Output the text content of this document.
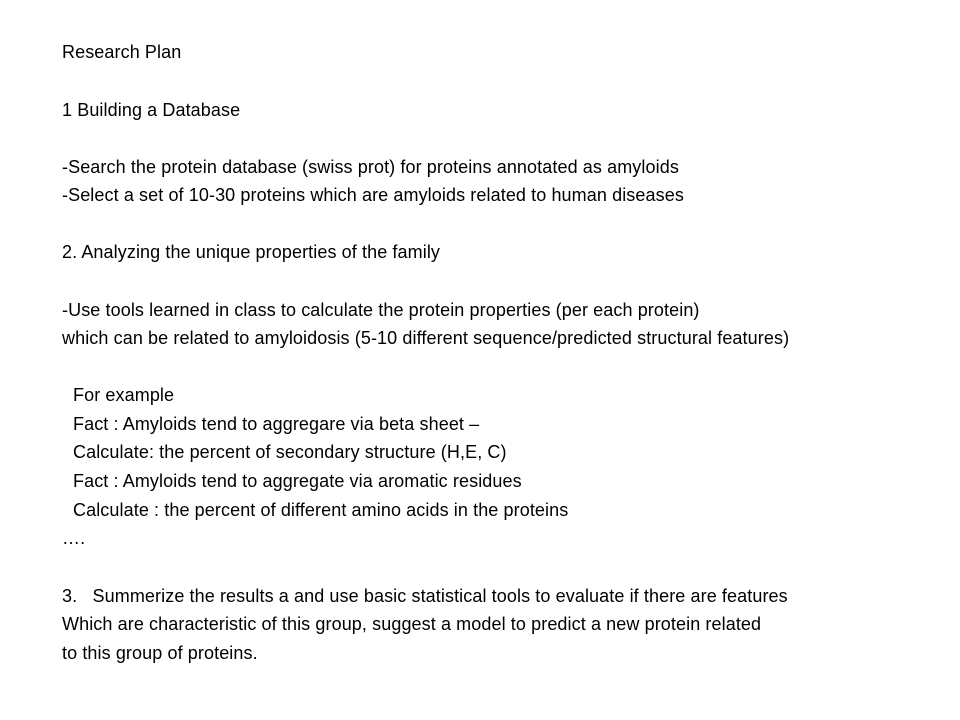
Research Plan
1 Building a Database
-Search the protein database (swiss prot) for proteins annotated as amyloids
-Select a set of 10-30 proteins which are amyloids related to human diseases
2. Analyzing the unique properties of the family
-Use tools learned in class to calculate the protein properties (per each protein)
which can be related to amyloidosis (5-10 different sequence/predicted structural features)
For example
Fact : Amyloids tend to aggregare via beta sheet –
Calculate: the percent of secondary structure (H,E, C)
Fact : Amyloids tend to aggregate via aromatic residues
Calculate : the percent of different amino acids in the proteins
….
3.   Summerize the results a and use basic statistical tools to evaluate if there are features
Which are characteristic of this group, suggest a model to predict a new protein related
to this group of proteins.
